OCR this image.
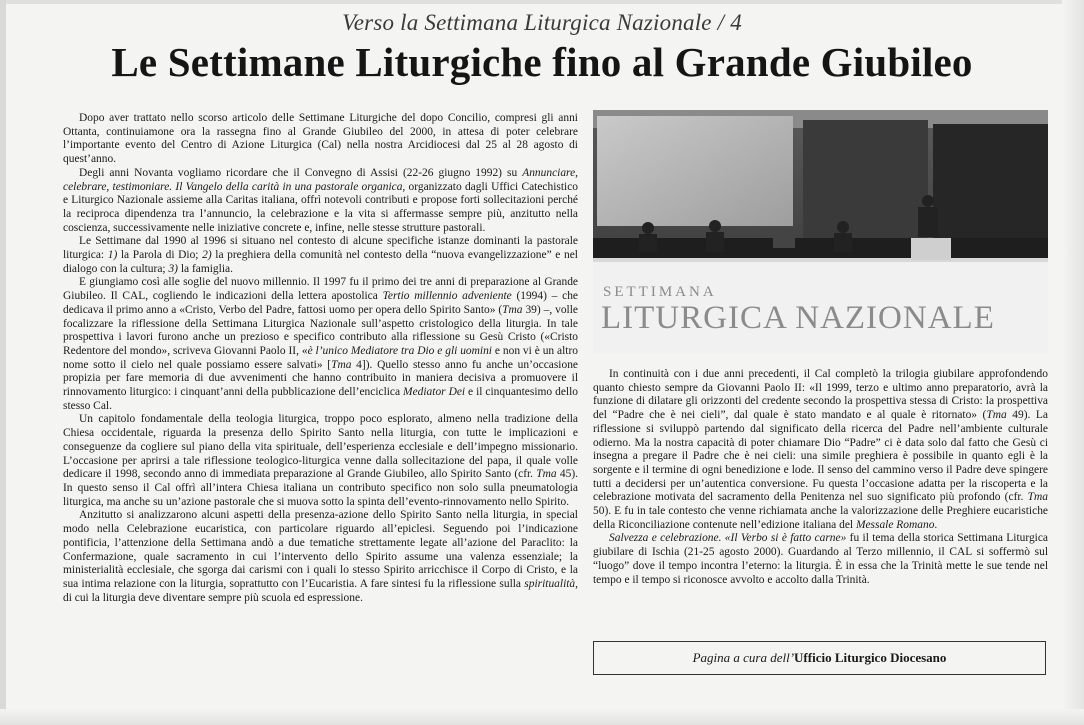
Verso la Settimana Liturgica Nazionale / 4
Le Settimane Liturgiche fino al Grande Giubileo

Dopo aver trattato nello scorso articolo delle Settimane Liturgiche del dopo Concilio, compresi gli anni Ottanta, continuiamone ora la rassegna fino al Grande Giubileo del 2000, in attesa di poter celebrare l’importante evento del Centro di Azione Liturgica (Cal) nella nostra Arcidiocesi dal 25 al 28 agosto di quest’anno.

Degli anni Novanta vogliamo ricordare che il Convegno di Assisi (22-26 giugno 1992) su Annunciare, celebrare, testimoniare. Il Vangelo della carità in una pastorale organica, organizzato dagli Uffici Catechistico e Liturgico Nazionale assieme alla Caritas italiana, offrì notevoli contributi e propose forti sollecitazioni perché la reciproca dipendenza tra l’annuncio, la celebrazione e la vita si affermasse sempre più, anzitutto nella coscienza, successivamente nelle iniziative concrete e, infine, nelle stesse strutture pastorali.

Le Settimane dal 1990 al 1996 si situano nel contesto di alcune specifiche istanze dominanti la pastorale liturgica: 1) la Parola di Dio; 2) la preghiera della comunità nel contesto della “nuova evangelizzazione” e nel dialogo con la cultura; 3) la famiglia.

E giungiamo così alle soglie del nuovo millennio. Il 1997 fu il primo dei tre anni di preparazione al Grande Giubileo. Il CAL, cogliendo le indicazioni della lettera apostolica Tertio millennio adveniente (1994) – che dedicava il primo anno a «Cristo, Verbo del Padre, fattosi uomo per opera dello Spirito Santo» (Tma 39) –, volle focalizzare la riflessione della Settimana Liturgica Nazionale sull’aspetto cristologico della liturgia. In tale prospettiva i lavori furono anche un prezioso e specifico contributo alla riflessione su Gesù Cristo («Cristo Redentore del mondo», scriveva Giovanni Paolo II, «è l’unico Mediatore tra Dio e gli uomini e non vi è un altro nome sotto il cielo nel quale possiamo essere salvati» [Tma 4]). Quello stesso anno fu anche un’occasione propizia per fare memoria di due avvenimenti che hanno contribuito in maniera decisiva a promuovere il rinnovamento liturgico: i cinquant’anni della pubblicazione dell’enciclica Mediator Dei e il cinquantesimo dello stesso Cal.

Un capitolo fondamentale della teologia liturgica, troppo poco esplorato, almeno nella tradizione della Chiesa occidentale, riguarda la presenza dello Spirito Santo nella liturgia, con tutte le implicazioni e conseguenze da cogliere sul piano della vita spirituale, dell’esperienza ecclesiale e dell’impegno missionario. L’occasione per aprirsi a tale riflessione teologico-liturgica venne dalla sollecitazione del papa, il quale volle dedicare il 1998, secondo anno di immediata preparazione al Grande Giubileo, allo Spirito Santo (cfr. Tma 45). In questo senso il Cal offrì all’intera Chiesa italiana un contributo specifico non solo sulla pneumatologia liturgica, ma anche su un’azione pastorale che si muova sotto la spinta dell’evento-rinnovamento nello Spirito.

Anzitutto si analizzarono alcuni aspetti della presenza-azione dello Spirito Santo nella liturgia, in special modo nella Celebrazione eucaristica, con particolare riguardo all’epiclesi. Seguendo poi l’indicazione pontificia, l’attenzione della Settimana andò a due tematiche strettamente legate all’azione del Paraclito: la Confermazione, quale sacramento in cui l’intervento dello Spirito assume una valenza essenziale; la ministerialità ecclesiale, che sgorga dai carismi con i quali lo stesso Spirito arricchisce il Corpo di Cristo, e la sua intima relazione con la liturgia, soprattutto con l’Eucaristia. A fare sintesi fu la riflessione sulla spiritualità, di cui la liturgia deve diventare sempre più scuola ed espressione.

SETTIMANA
LITURGICA NAZIONALE

In continuità con i due anni precedenti, il Cal completò la trilogia giubilare approfondendo quanto chiesto sempre da Giovanni Paolo II: «Il 1999, terzo e ultimo anno preparatorio, avrà la funzione di dilatare gli orizzonti del credente secondo la prospettiva stessa di Cristo: la prospettiva del “Padre che è nei cieli”, dal quale è stato mandato e al quale è ritornato» (Tma 49). La riflessione si sviluppò partendo dal significato della ricerca del Padre nell’ambiente culturale odierno. Ma la nostra capacità di poter chiamare Dio “Padre” ci è data solo dal fatto che Gesù ci insegna a pregare il Padre che è nei cieli: una simile preghiera è possibile in quanto egli è la sorgente e il termine di ogni benedizione e lode. Il senso del cammino verso il Padre deve spingere tutti a decidersi per un’autentica conversione. Fu questa l’occasione adatta per la riscoperta e la celebrazione motivata del sacramento della Penitenza nel suo significato più profondo (cfr. Tma 50). E fu in tale contesto che venne richiamata anche la valorizzazione delle Preghiere eucaristiche della Riconciliazione contenute nell’edizione italiana del Messale Romano.

Salvezza e celebrazione. «Il Verbo si è fatto carne» fu il tema della storica Settimana Liturgica giubilare di Ischia (21-25 agosto 2000). Guardando al Terzo millennio, il CAL si soffermò sul “luogo” dove il tempo incontra l’eterno: la liturgia. È in essa che la Trinità mette le sue tende nel tempo e il tempo si riconosce avvolto e accolto dalla Trinità.

Pagina a cura dell’ Ufficio Liturgico Diocesano
